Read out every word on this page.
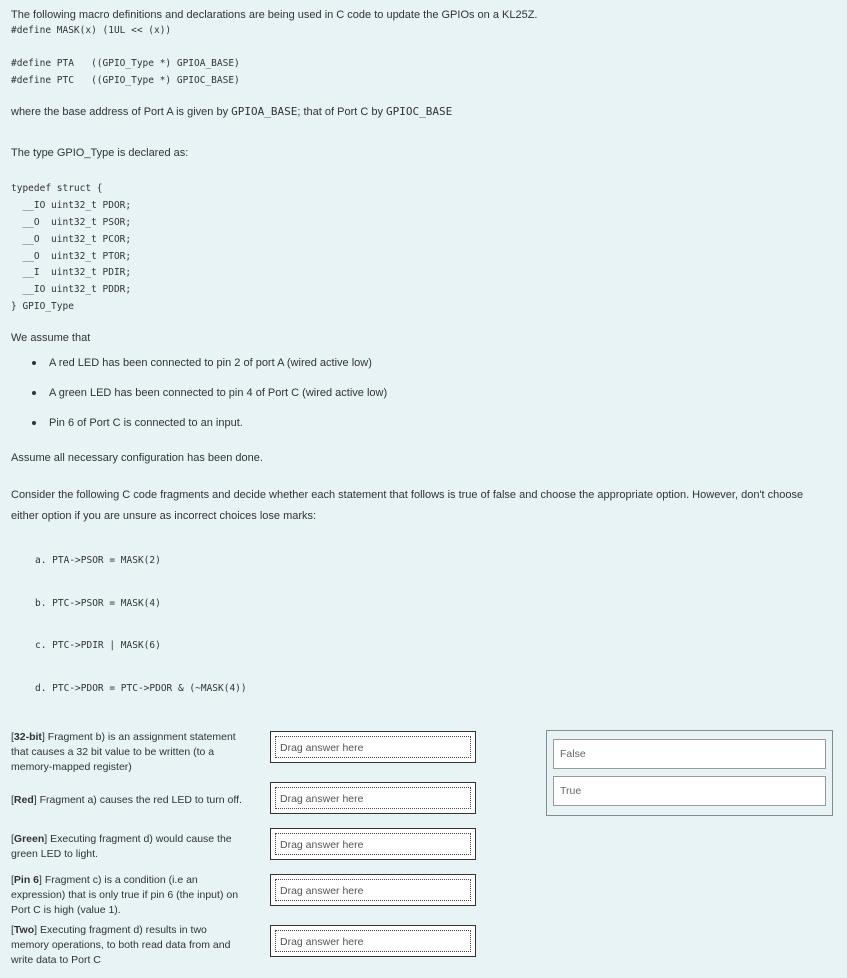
The following macro definitions and declarations are being used in C code to update the GPIOs on a KL25Z.
#define MASK(x) (1UL << (x))
#define PTA   ((GPIO_Type *) GPIOA_BASE)
#define PTC   ((GPIO_Type *) GPIOC_BASE)
where the base address of Port A is given by GPIOA_BASE; that of Port C by GPIOC_BASE
The type GPIO_Type is declared as:
typedef struct {
__IO uint32_t PDOR;
__O  uint32_t PSOR;
__O  uint32_t PCOR;
__O  uint32_t PTOR;
__I  uint32_t PDIR;
__IO uint32_t PDDR;
} GPIO_Type
We assume that
A red LED has been connected to pin 2 of port A (wired active low)
A green LED has been connected to pin 4 of Port C (wired active low)
Pin 6 of Port C is connected to an input.
Assume all necessary configuration has been done.
Consider the following C code fragments and decide whether each statement that follows is true of false and choose the appropriate option. However, don't choose
either option if you are unsure as incorrect choices lose marks:
a. PTA->PSOR = MASK(2)
b. PTC->PSOR = MASK(4)
c. PTC->PDIR | MASK(6)
d. PTC->PDOR = PTC->PDOR & (~MASK(4))
[32-bit] Fragment b) is an assignment statement that causes a 32 bit value to be written (to a memory-mapped register)
Drag answer here
[Red] Fragment a) causes the red LED to turn off.	Drag answer here
[Green] Executing fragment d) would cause the green LED to light.
Drag answer here
[Pin 6] Fragment c) is a condition (i.e an expression) that is only true if pin 6 (the input) on Port C is high (value 1).
Drag answer here
[Two] Executing fragment d) results in two memory operations, to both read data from and write data to Port C
Drag answer here
False
True
